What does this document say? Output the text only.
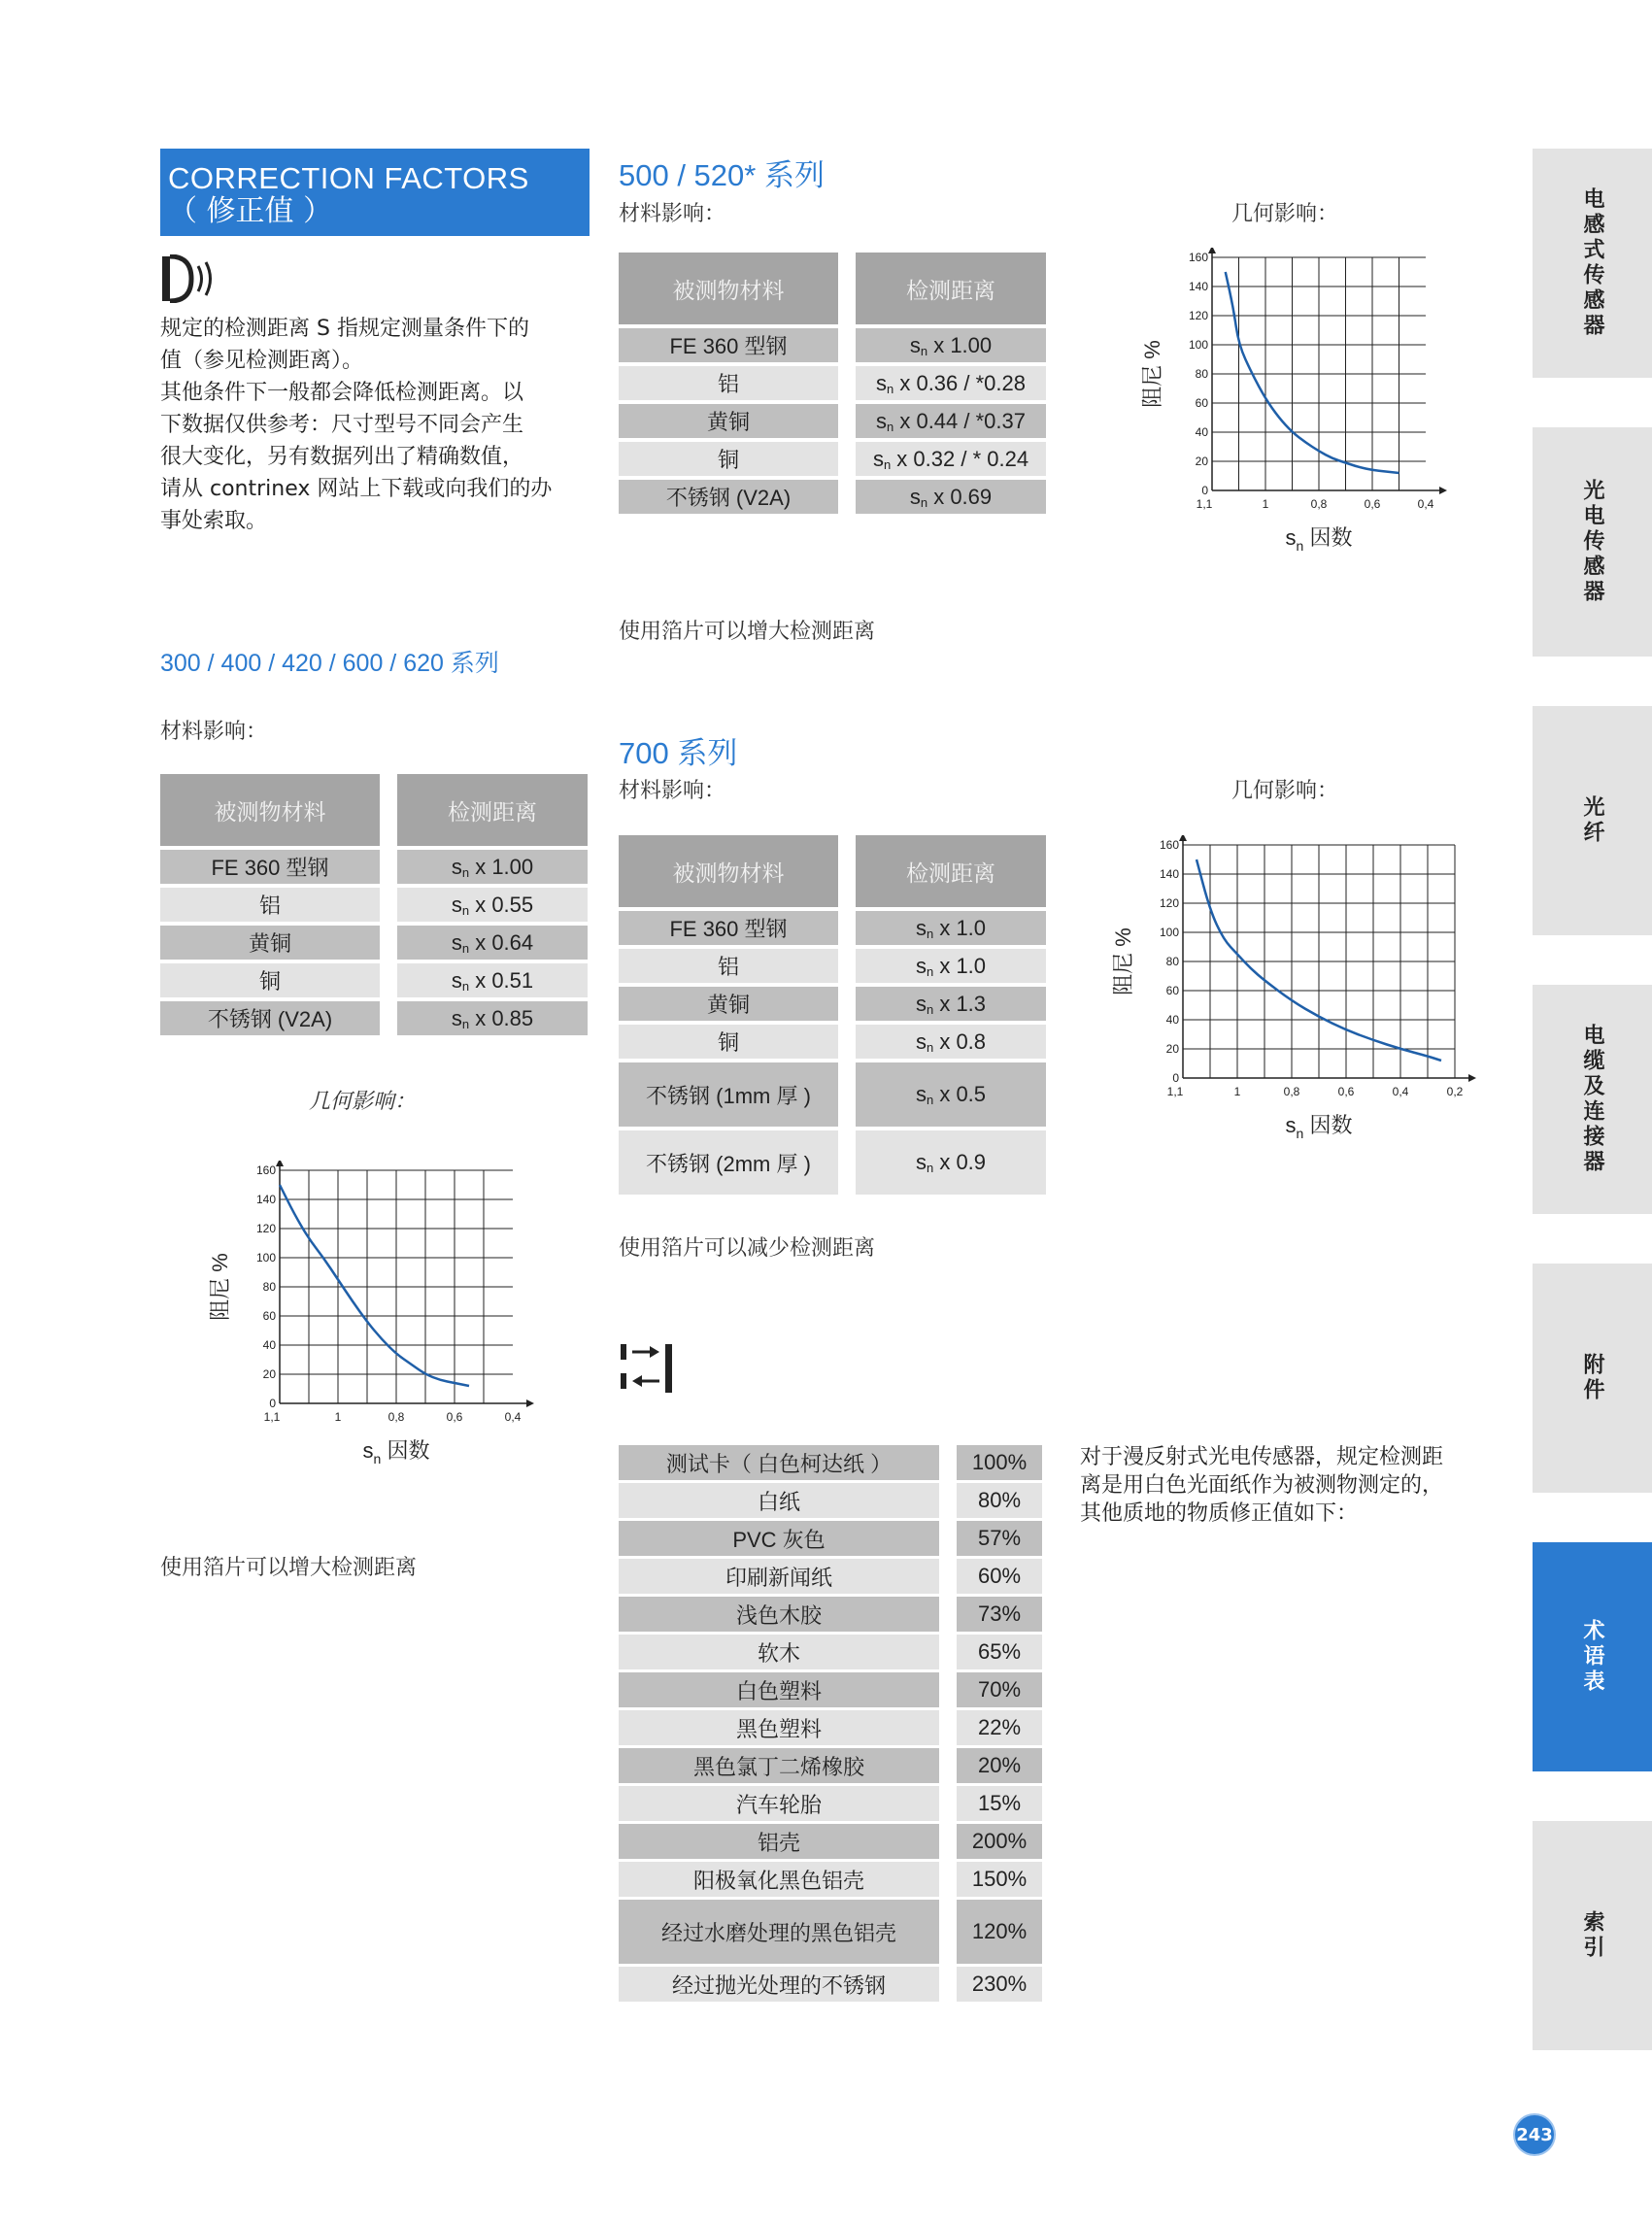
CORRECTION FACTORS
（ 修正值 ）
规定的检测距离 S 指规定测量条件下的
值（参见检测距离）。
其他条件下一般都会降低检测距离。以
下数据仅供参考：尺寸型号不同会产生
很大变化，另有数据列出了精确数值，
请从 contrinex 网站上下载或向我们的办
事处索取。
300 / 400 / 420 / 600 / 620 系列
材料影响：
被测物材料		检测距离

FE 360 型钢		$s_n$ x 1.00

铝		$s_n$ x 0.55

黄铜		$s_n$ x 0.64

铜		$s_n$ x 0.51

不锈钢 (V2A)		$s_n$ x 0.85
几何影响：
0
20
40
60
80
100
120
140
160
1,1	1	0,8	0,6	0,4
阻尼 %
$s_n$ 因数
使用箔片可以增大检测距离
500 / 520* 系列
材料影响：	几何影响：
被测物材料		检测距离

FE 360 型钢		$s_n$ x 1.00

铝		$s_n$ x 0.36 / *0.28

黄铜		$s_n$ x 0.44 / *0.37

铜		$s_n$ x 0.32 / * 0.24

不锈钢 (V2A)		$s_n$ x 0.69	0
20
40
60
80
100
120
140
160
1,1	1	0,8	0,6	0,4
阻尼 %
$s_n$ 因数
使用箔片可以增大检测距离
700 系列
材料影响：	几何影响：
被测物材料		检测距离

FE 360 型钢		$s_n$ x 1.0

铝		$s_n$ x 1.0

黄铜		$s_n$ x 1.3

铜		$s_n$ x 0.8

不锈钢 (1mm 厚 )		$s_n$ x 0.5

不锈钢 (2mm 厚 )		$s_n$ x 0.9
0
20
40
60
80
100
120
140
160
1,1	1	0,8	0,6	0,4	0,2
阻尼 %
$s_n$ 因数
使用箔片可以减少检测距离
测试卡（ 白色柯达纸 ）		100%
白纸		80%
PVC 灰色		57%
印刷新闻纸		60%
浅色木胶		73%
软木		65%
白色塑料		70%
黑色塑料		22%
黑色氯丁二烯橡胶		20%
汽车轮胎		15%
铝壳		200%
阳极氧化黑色铝壳		150%
经过水磨处理的黑色铝壳		120%
经过抛光处理的不锈钢		230%
对于漫反射式光电传感器，规定检测距
离是用白色光面纸作为被测物测定的，
其他质地的物质修正值如下：
电感式传感器
光电传感器
光纤
电缆及连接器
附件
术语表
索引
243
